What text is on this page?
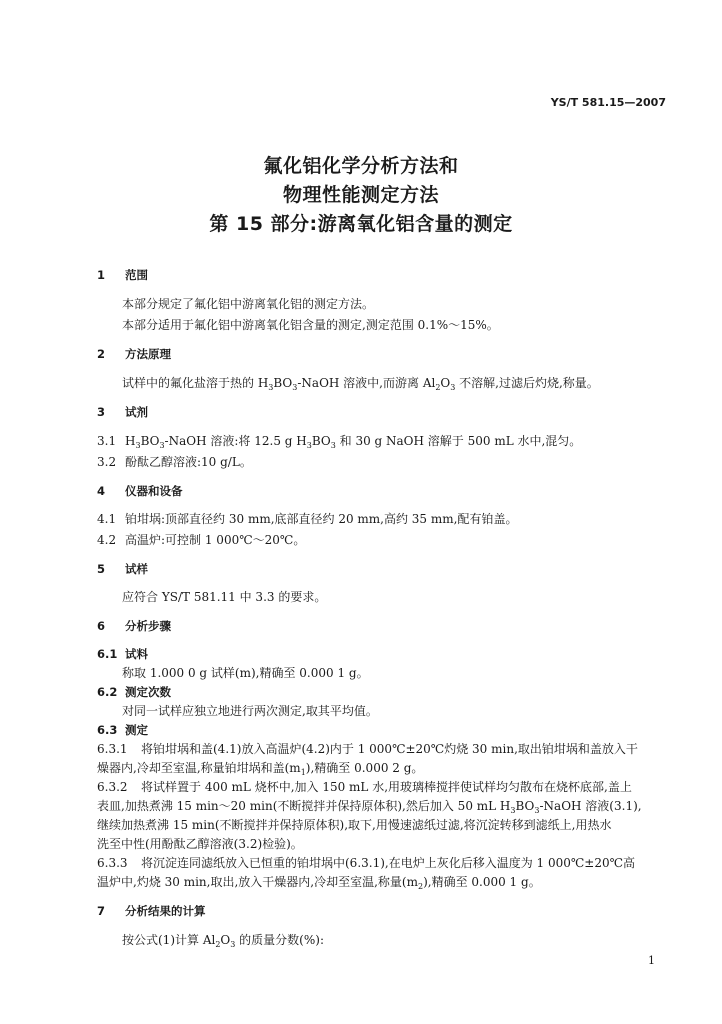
YS/T 581.15—2007
氟化铝化学分析方法和
物理性能测定方法
第 15 部分:游离氧化铝含量的测定
1 范围
本部分规定了氟化铝中游离氧化铝的测定方法。
本部分适用于氟化铝中游离氧化铝含量的测定,测定范围 0.1%～15%。
2 方法原理
试样中的氟化盐溶于热的 $H_3BO_3$-NaOH 溶液中,而游离 $Al_2O_3$ 不溶解,过滤后灼烧,称量。
3 试剂
3.1 $H_3BO_3$-NaOH 溶液:将 12.5 g $H_3BO_3$ 和 30 g NaOH 溶解于 500 mL 水中,混匀。
3.2 酚酞乙醇溶液:10 g/L。
4 仪器和设备
4.1 铂坩埚:顶部直径约 30 mm,底部直径约 20 mm,高约 35 mm,配有铂盖。
4.2 高温炉:可控制 1 000℃～20℃。
5 试样
应符合 YS/T 581.11 中 3.3 的要求。
6 分析步骤
6.1 试料
称取 1.000 0 g 试样(m),精确至 0.000 1 g。
6.2 测定次数
对同一试样应独立地进行两次测定,取其平均值。
6.3 测定
6.3.1 将铂坩埚和盖(4.1)放入高温炉(4.2)内于 1 000℃±20℃灼烧 30 min,取出铂坩埚和盖放入干
燥器内,冷却至室温,称量铂坩埚和盖$(m_1)$,精确至 0.000 2 g。
6.3.2 将试样置于 400 mL 烧杯中,加入 150 mL 水,用玻璃棒搅拌使试样均匀散布在烧杯底部,盖上
表皿,加热煮沸 15 min～20 min(不断搅拌并保持原体积),然后加入 50 mL $H_3BO_3$-NaOH 溶液(3.1),
继续加热煮沸 15 min(不断搅拌并保持原体积),取下,用慢速滤纸过滤,将沉淀转移到滤纸上,用热水
洗至中性(用酚酞乙醇溶液(3.2)检验)。
6.3.3 将沉淀连同滤纸放入已恒重的铂坩埚中(6.3.1),在电炉上灰化后移入温度为 1 000℃±20℃高
温炉中,灼烧 30 min,取出,放入干燥器内,冷却至室温,称量$(m_2)$,精确至 0.000 1 g。
7 分析结果的计算
按公式(1)计算 $Al_2O_3$ 的质量分数(%):
1
